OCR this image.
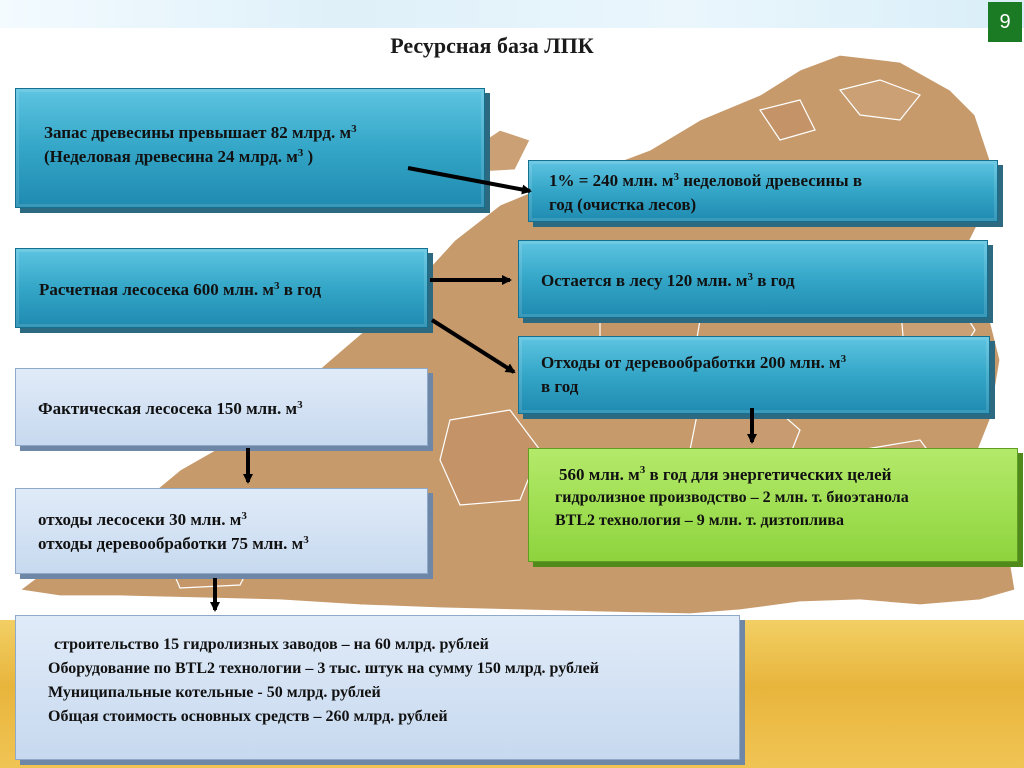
9
Ресурсная база ЛПК

Запас древесины превышает 82 млрд. $м^3$

(Неделовая древесина 24 млрд. $м^3$ )

1% = 240 млн. $м^3$ неделовой древесины в

год (очистка лесов)

Расчетная лесосека 600 млн. $м^3$ в год	Остается в лесу 120 млн. $м^3$ в год

Отходы от деревообработки 200 млн. $м^3$

в год

Фактическая лесосека 150 млн. $м^3$

отходы лесосеки 30 млн. $м^3$

отходы деревообработки 75 млн. $м^3$

560 млн. $м^3$ в год для энергетических целей

гидролизное производство – 2 млн. т. биоэтанола

BTL2 технология – 9 млн. т. дизтоплива

строительство 15 гидролизных заводов – на 60 млрд. рублей

Оборудование по BTL2 технологии – 3 тыс. штук на сумму 150 млрд. рублей

Муниципальные котельные - 50 млрд. рублей

Общая стоимость основных средств – 260 млрд. рублей
